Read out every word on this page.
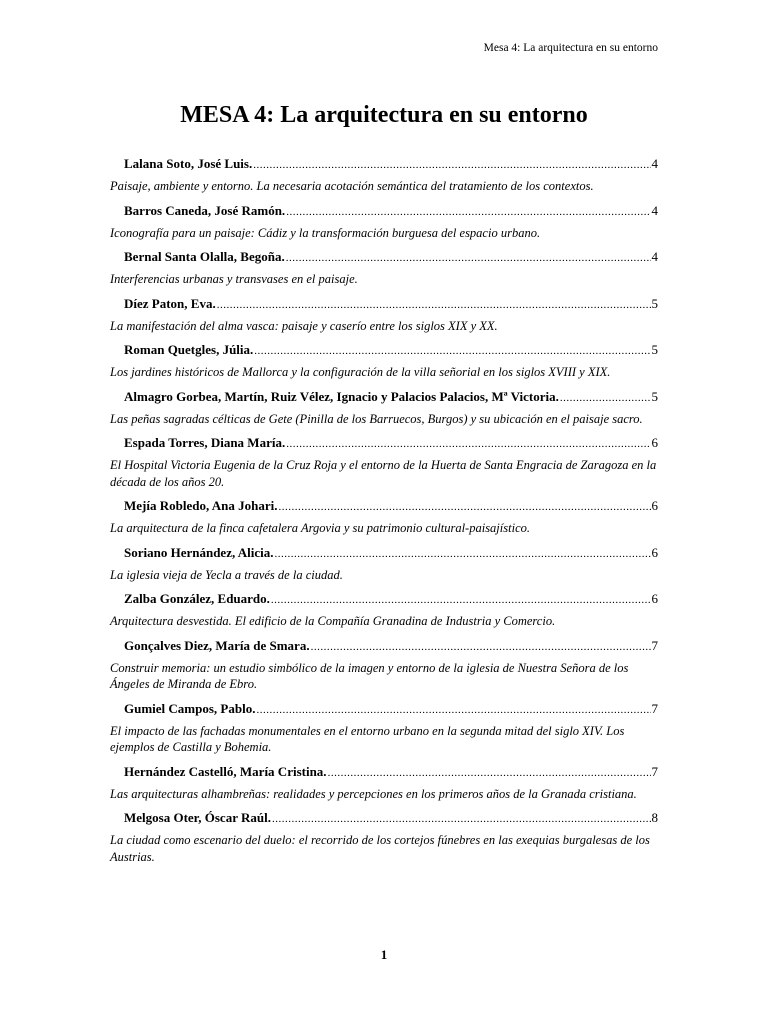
Mesa 4: La arquitectura en su entorno
MESA 4: La arquitectura en su entorno
Lalana Soto, José Luis. .....	4

Paisaje, ambiente y entorno. La necesaria acotación semántica del tratamiento de los contextos.

Barros Caneda, José Ramón. .....	4

Iconografía para un paisaje: Cádiz y la transformación burguesa del espacio urbano.

Bernal Santa Olalla, Begoña. .....	4

Interferencias urbanas y transvases en el paisaje.

Díez Paton, Eva. .....	5

La manifestación del alma vasca: paisaje y caserío entre los siglos XIX y XX.

Roman Quetgles, Júlia. .....	5

Los jardines históricos de Mallorca y la configuración de la villa señorial en los siglos XVIII y XIX.

Almagro Gorbea, Martín, Ruiz Vélez, Ignacio y Palacios Palacios, Mª Victoria. .....	5

Las peñas sagradas célticas de Gete (Pinilla de los Barruecos, Burgos) y su ubicación en el paisaje sacro.

Espada Torres, Diana María. .....	6

El Hospital Victoria Eugenia de la Cruz Roja y el entorno de la Huerta de Santa Engracia de Zaragoza en la década de los años 20.

Mejía Robledo, Ana Johari. .....	6

La arquitectura de la finca cafetalera Argovia y su patrimonio cultural-paisajístico.

Soriano Hernández, Alicia. .....	6

La iglesia vieja de Yecla a través de la ciudad.

Zalba González, Eduardo. .....	6

Arquitectura desvestida. El edificio de la Compañía Granadina de Industria y Comercio.

Gonçalves Diez, María de Smara. .....	7

Construir memoria: un estudio simbólico de la imagen y entorno de la iglesia de Nuestra Señora de los Ángeles de Miranda de Ebro.

Gumiel Campos, Pablo. .....	7

El impacto de las fachadas monumentales en el entorno urbano en la segunda mitad del siglo XIV. Los ejemplos de Castilla y Bohemia.

Hernández Castelló, María Cristina. .....	7

Las arquitecturas alhambreñas: realidades y percepciones en los primeros años de la Granada cristiana.

Melgosa Oter, Óscar Raúl. .....	8

La ciudad como escenario del duelo: el recorrido de los cortejos fúnebres en las exequias burgalesas de los Austrias.

1
